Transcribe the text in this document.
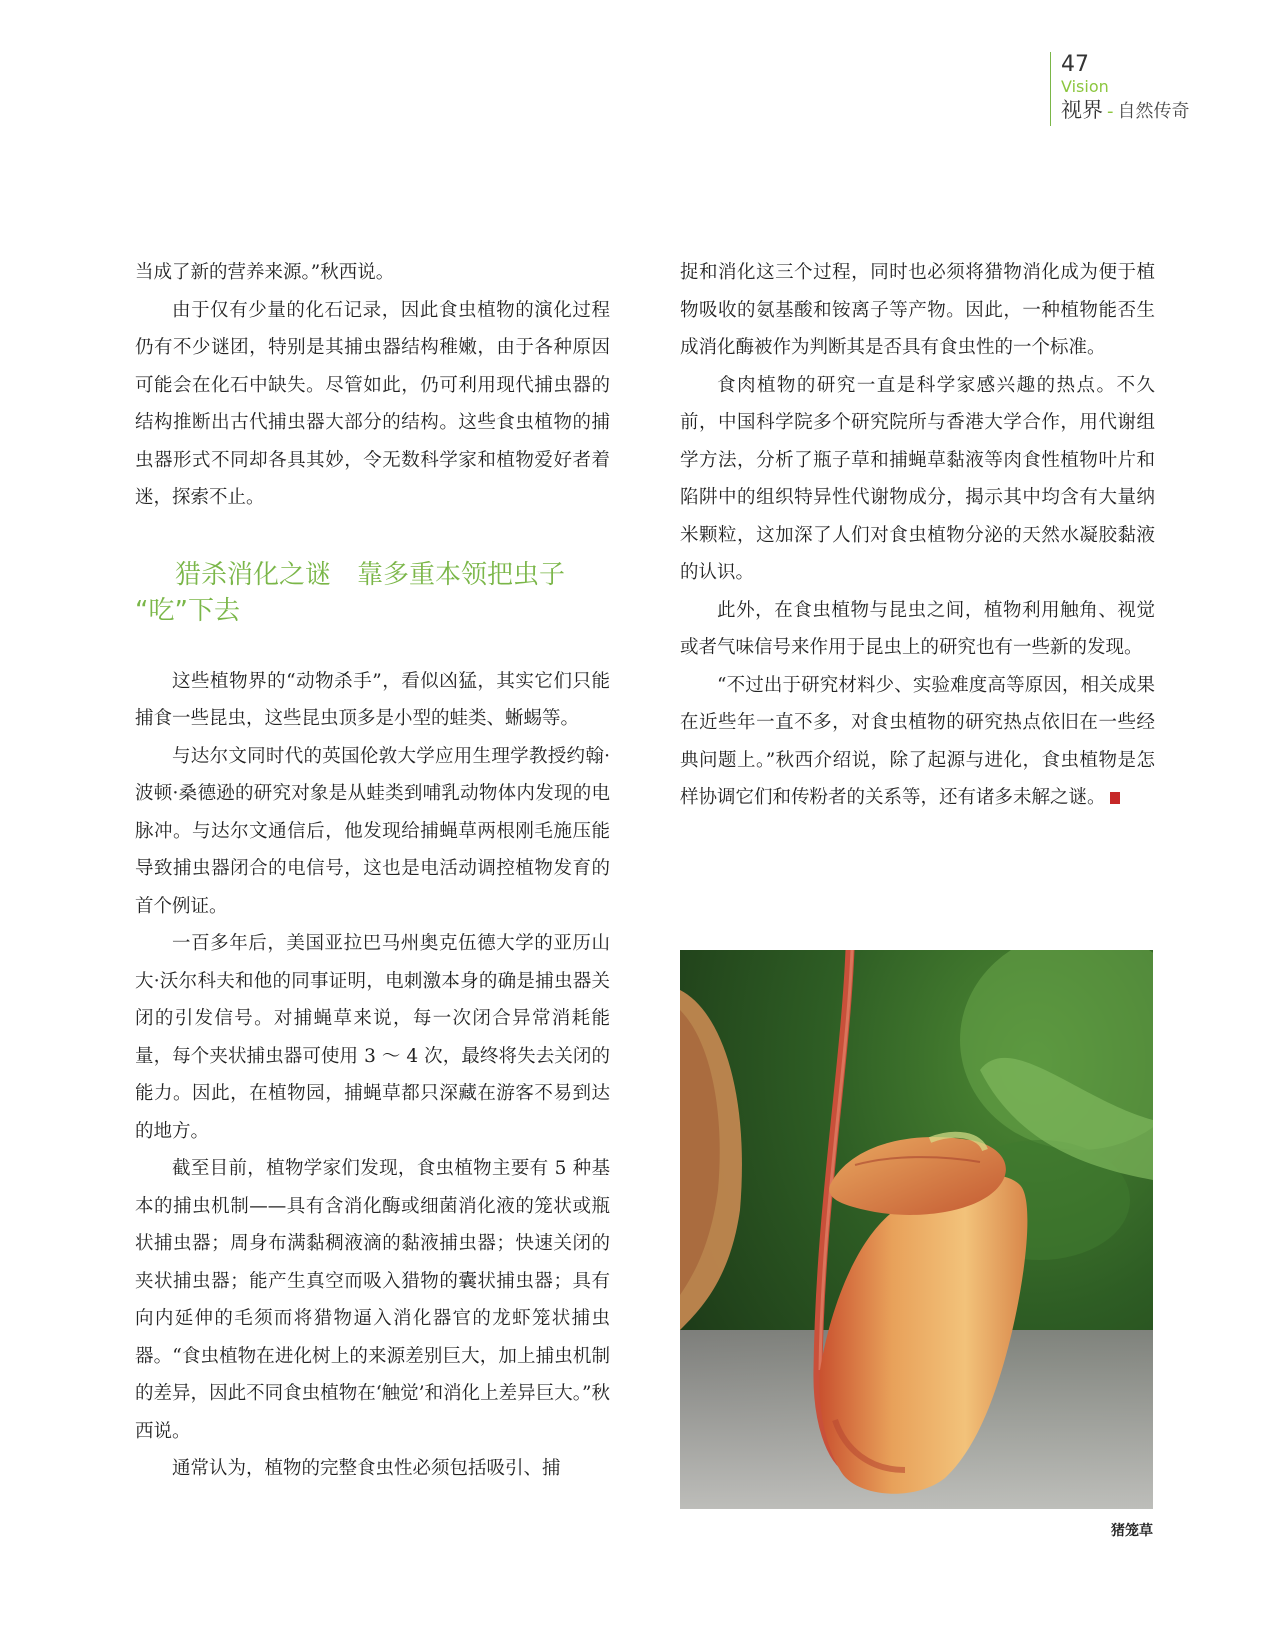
47
Vision
视界 - 自然传奇

当成了新的营养来源。”秋西说。

由于仅有少量的化石记录，因此食虫植物的演化过程仍有不少谜团，特别是其捕虫器结构稚嫩，由于各种原因可能会在化石中缺失。尽管如此，仍可利用现代捕虫器的结构推断出古代捕虫器大部分的结构。这些食虫植物的捕虫器形式不同却各具其妙，令无数科学家和植物爱好者着迷，探索不止。

猎杀消化之谜　靠多重本领把虫子
“吃”下去

这些植物界的“动物杀手”，看似凶猛，其实它们只能捕食一些昆虫，这些昆虫顶多是小型的蛙类、蜥蜴等。

与达尔文同时代的英国伦敦大学应用生理学教授约翰·波顿·桑德逊的研究对象是从蛙类到哺乳动物体内发现的电脉冲。与达尔文通信后，他发现给捕蝇草两根刚毛施压能导致捕虫器闭合的电信号，这也是电活动调控植物发育的首个例证。

一百多年后，美国亚拉巴马州奥克伍德大学的亚历山大·沃尔科夫和他的同事证明，电刺激本身的确是捕虫器关闭的引发信号。对捕蝇草来说，每一次闭合异常消耗能量，每个夹状捕虫器可使用 3 ～ 4 次，最终将失去关闭的能力。因此，在植物园，捕蝇草都只深藏在游客不易到达的地方。

截至目前，植物学家们发现，食虫植物主要有 5 种基本的捕虫机制——具有含消化酶或细菌消化液的笼状或瓶状捕虫器；周身布满黏稠液滴的黏液捕虫器；快速关闭的夹状捕虫器；能产生真空而吸入猎物的囊状捕虫器；具有向内延伸的毛须而将猎物逼入消化器官的龙虾笼状捕虫器。“食虫植物在进化树上的来源差别巨大，加上捕虫机制的差异，因此不同食虫植物在‘触觉’和消化上差异巨大。”秋西说。

通常认为，植物的完整食虫性必须包括吸引、捕

捉和消化这三个过程，同时也必须将猎物消化成为便于植物吸收的氨基酸和铵离子等产物。因此，一种植物能否生成消化酶被作为判断其是否具有食虫性的一个标准。

食肉植物的研究一直是科学家感兴趣的热点。不久前，中国科学院多个研究院所与香港大学合作，用代谢组学方法，分析了瓶子草和捕蝇草黏液等肉食性植物叶片和陷阱中的组织特异性代谢物成分，揭示其中均含有大量纳米颗粒，这加深了人们对食虫植物分泌的天然水凝胶黏液的认识。

此外，在食虫植物与昆虫之间，植物利用触角、视觉或者气味信号来作用于昆虫上的研究也有一些新的发现。

“不过出于研究材料少、实验难度高等原因，相关成果在近些年一直不多，对食虫植物的研究热点依旧在一些经典问题上。”秋西介绍说，除了起源与进化，食虫植物是怎样协调它们和传粉者的关系等，还有诸多未解之谜。

猪笼草
